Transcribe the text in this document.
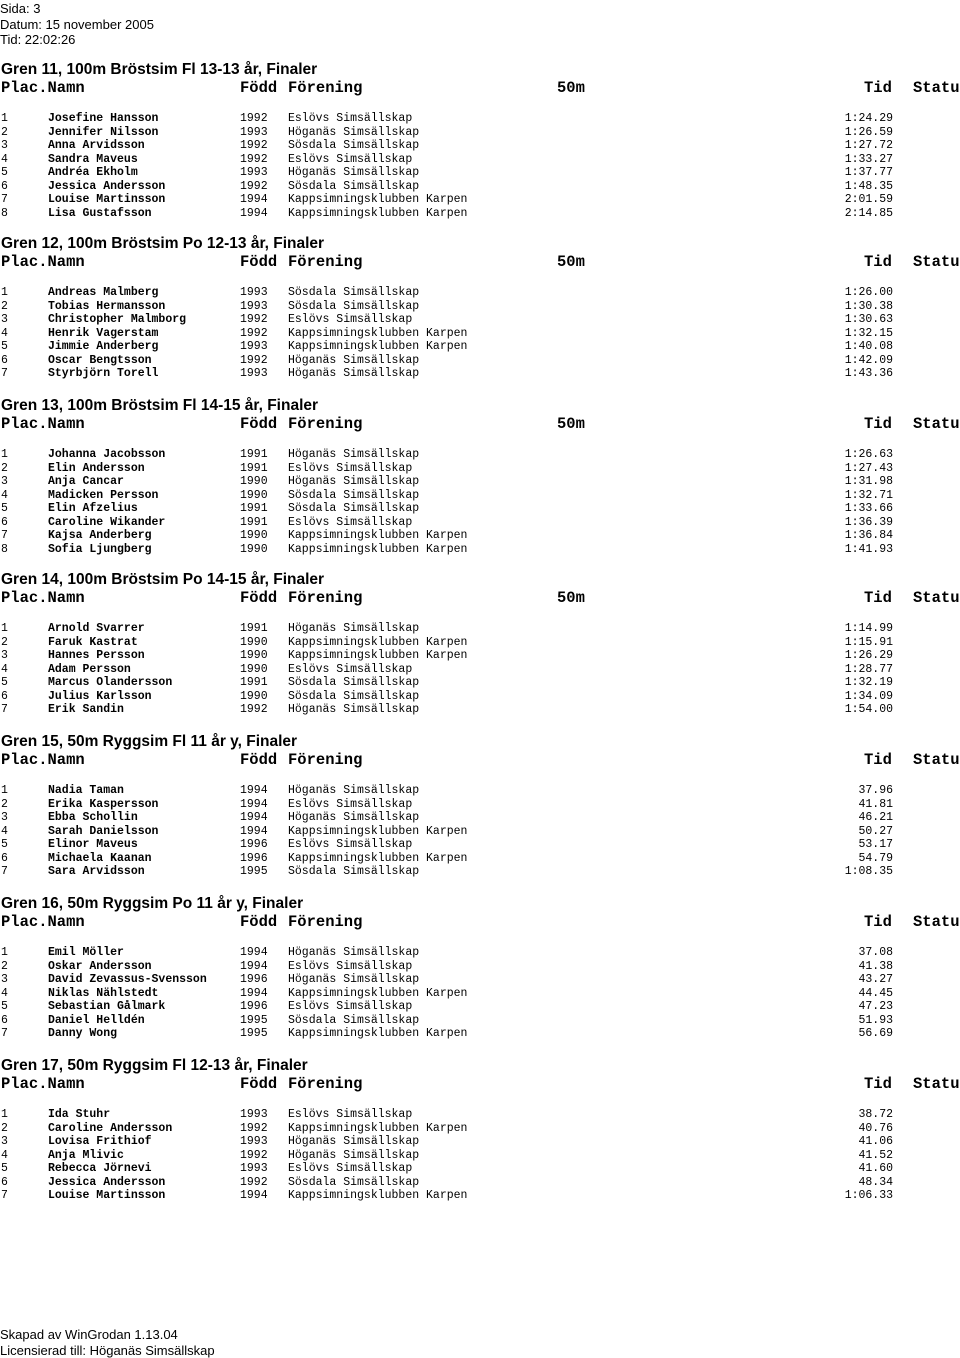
Sida: 3
Datum: 15 november 2005
Tid: 22:02:26
Gren 11, 100m Bröstsim Fl 13-13 år, Finaler
Plac.Namn	Född Förening	50m	Tid Statu
1	Josefine Hansson	1992 Eslövs Simsällskap	1:24.29
2	Jennifer Nilsson	1993 Höganäs Simsällskap	1:26.59
3	Anna Arvidsson	1992 Sösdala Simsällskap	1:27.72
4	Sandra Maveus	1992 Eslövs Simsällskap	1:33.27
5	Andréa Ekholm	1993 Höganäs Simsällskap	1:37.77
6	Jessica Andersson	1992 Sösdala Simsällskap	1:48.35
7	Louise Martinsson	1994 Kappsimningsklubben Karpen	2:01.59
8	Lisa Gustafsson	1994 Kappsimningsklubben Karpen	2:14.85
Gren 12, 100m Bröstsim Po 12-13 år, Finaler
Plac.Namn	Född Förening	50m	Tid Statu
1	Andreas Malmberg	1993 Sösdala Simsällskap	1:26.00
2	Tobias Hermansson	1993 Sösdala Simsällskap	1:30.38
3	Christopher Malmborg	1992 Eslövs Simsällskap	1:30.63
4	Henrik Vagerstam	1992 Kappsimningsklubben Karpen	1:32.15
5	Jimmie Anderberg	1993 Kappsimningsklubben Karpen	1:40.08
6	Oscar Bengtsson	1992 Höganäs Simsällskap	1:42.09
7	Styrbjörn Torell	1993 Höganäs Simsällskap	1:43.36
Gren 13, 100m Bröstsim Fl 14-15 år, Finaler
Plac.Namn	Född Förening	50m	Tid Statu
1	Johanna Jacobsson	1991 Höganäs Simsällskap	1:26.63
2	Elin Andersson	1991 Eslövs Simsällskap	1:27.43
3	Anja Cancar	1990 Höganäs Simsällskap	1:31.98
4	Madicken Persson	1990 Sösdala Simsällskap	1:32.71
5	Elin Afzelius	1991 Sösdala Simsällskap	1:33.66
6	Caroline Wikander	1991 Eslövs Simsällskap	1:36.39
7	Kajsa Anderberg	1990 Kappsimningsklubben Karpen	1:36.84
8	Sofia Ljungberg	1990 Kappsimningsklubben Karpen	1:41.93
Gren 14, 100m Bröstsim Po 14-15 år, Finaler
Plac.Namn	Född Förening	50m	Tid Statu
1	Arnold Svarrer	1991 Höganäs Simsällskap	1:14.99
2	Faruk Kastrat	1990 Kappsimningsklubben Karpen	1:15.91
3	Hannes Persson	1990 Kappsimningsklubben Karpen	1:26.29
4	Adam Persson	1990 Eslövs Simsällskap	1:28.77
5	Marcus Olandersson	1991 Sösdala Simsällskap	1:32.19
6	Julius Karlsson	1990 Sösdala Simsällskap	1:34.09
7	Erik Sandin	1992 Höganäs Simsällskap	1:54.00
Gren 15, 50m Ryggsim Fl 11 år y, Finaler
Plac.Namn	Född Förening	Tid Statu
1	Nadia Taman	1994 Höganäs Simsällskap	37.96
2	Erika Kaspersson	1994 Eslövs Simsällskap	41.81
3	Ebba Schollin	1994 Höganäs Simsällskap	46.21
4	Sarah Danielsson	1994 Kappsimningsklubben Karpen	50.27
5	Elinor Maveus	1996 Eslövs Simsällskap	53.17
6	Michaela Kaanan	1996 Kappsimningsklubben Karpen	54.79
7	Sara Arvidsson	1995 Sösdala Simsällskap	1:08.35
Gren 16, 50m Ryggsim Po 11 år y, Finaler
Plac.Namn	Född Förening	Tid Statu
1	Emil Möller	1994 Höganäs Simsällskap	37.08
2	Oskar Andersson	1994 Eslövs Simsällskap	41.38
3	David Zevassus-Svensson	1996 Höganäs Simsällskap	43.27
4	Niklas Nählstedt	1994 Kappsimningsklubben Karpen	44.45
5	Sebastian Gålmark	1996 Eslövs Simsällskap	47.23
6	Daniel Helldén	1995 Sösdala Simsällskap	51.93
7	Danny Wong	1995 Kappsimningsklubben Karpen	56.69
Gren 17, 50m Ryggsim Fl 12-13 år, Finaler
Plac.Namn	Född Förening	Tid Statu
1	Ida Stuhr	1993 Eslövs Simsällskap	38.72
2	Caroline Andersson	1992 Kappsimningsklubben Karpen	40.76
3	Lovisa Frithiof	1993 Höganäs Simsällskap	41.06
4	Anja Mlivic	1992 Höganäs Simsällskap	41.52
5	Rebecca Jörnevi	1993 Eslövs Simsällskap	41.60
6	Jessica Andersson	1992 Sösdala Simsällskap	48.34
7	Louise Martinsson	1994 Kappsimningsklubben Karpen	1:06.33
Skapad av WinGrodan 1.13.04
Licensierad till: Höganäs Simsällskap
